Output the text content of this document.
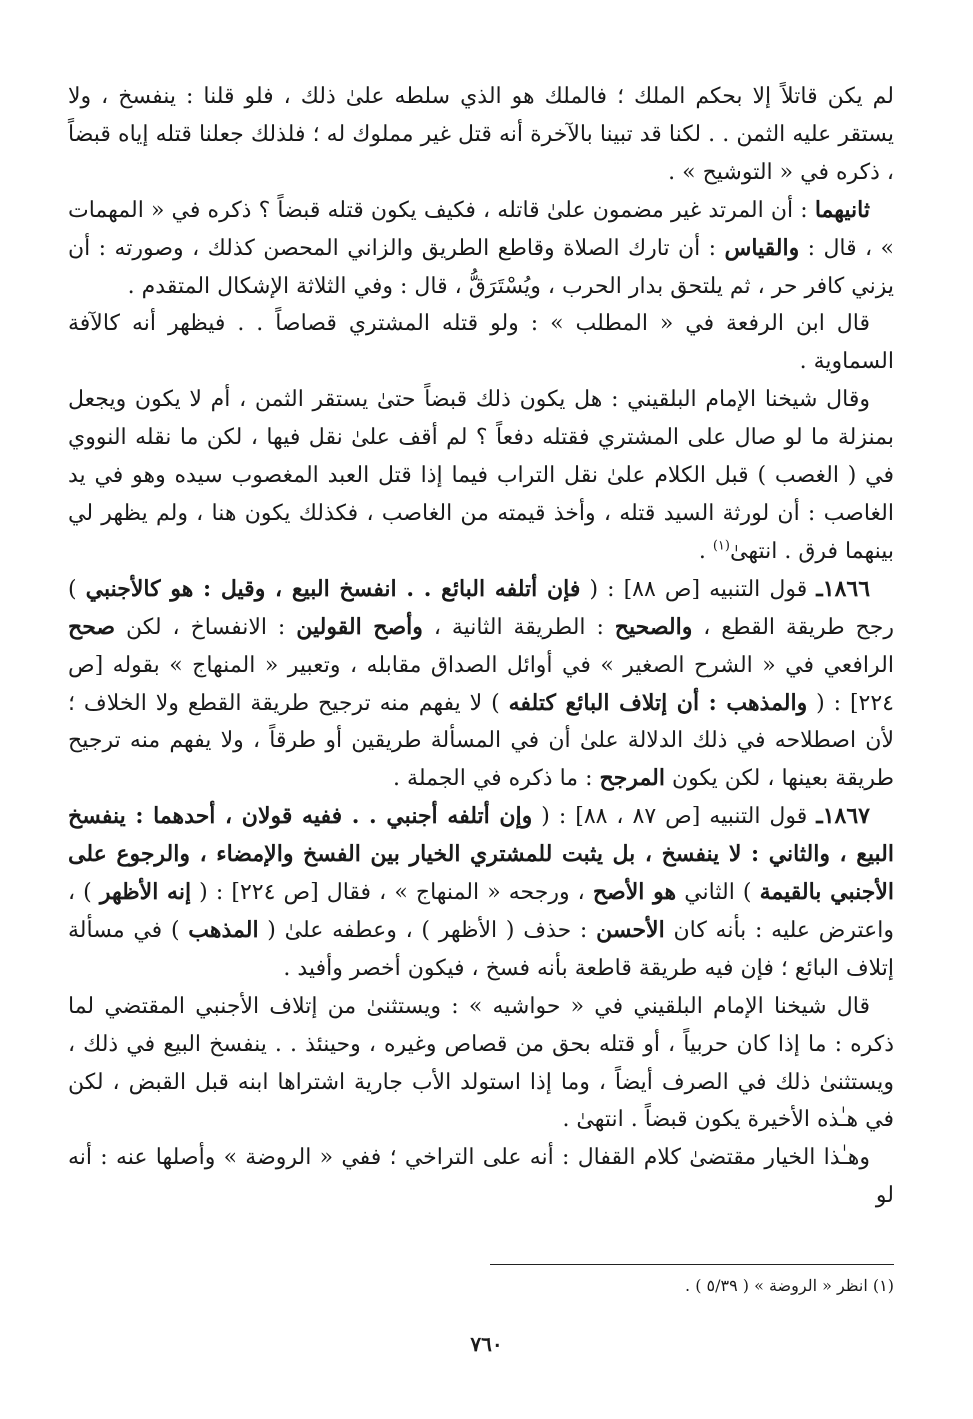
لم يكن قاتلاً إلا بحكم الملك ؛ فالملك هو الذي سلطه علىٰ ذلك ، فلو قلنا : ينفسخ ، ولا يستقر عليه الثمن . . لكنا قد تبينا بالآخرة أنه قتل غير مملوك له ؛ فلذلك جعلنا قتله إياه قبضاً ، ذكره في « التوشيح » .

ثانيهما : أن المرتد غير مضمون علىٰ قاتله ، فكيف يكون قتله قبضاً ؟ ذكره في « المهمات » ، قال : والقياس : أن تارك الصلاة وقاطع الطريق والزاني المحصن كذلك ، وصورته : أن يزني كافر حر ، ثم يلتحق بدار الحرب ، ويُسْتَرَقُّ ، قال : وفي الثلاثة الإشكال المتقدم .

قال ابن الرفعة في « المطلب » : ولو قتله المشتري قصاصاً . . فيظهر أنه كالآفة السماوية .

وقال شيخنا الإمام البلقيني : هل يكون ذلك قبضاً حتىٰ يستقر الثمن ، أم لا يكون ويجعل بمنزلة ما لو صال على المشتري فقتله دفعاً ؟ لم أقف علىٰ نقل فيها ، لكن ما نقله النووي في ( الغصب ) قبل الكلام علىٰ نقل التراب فيما إذا قتل العبد المغصوب سيده وهو في يد الغاصب : أن لورثة السيد قتله ، وأخذ قيمته من الغاصب ، فكذلك يكون هنا ، ولم يظهر لي بينهما فرق . انتهىٰ$^{(١)}$ .

١٨٦٦ـ قول التنبيه [ص ٨٨] : ( فإن أتلفه البائع . . انفسخ البيع ، وقيل : هو كالأجنبي ) رجح طريقة القطع ، والصحيح : الطريقة الثانية ، وأصح القولين : الانفساخ ، لكن صحح الرافعي في « الشرح الصغير » في أوائل الصداق مقابله ، وتعبير « المنهاج » بقوله [ص ٢٢٤] : ( والمذهب : أن إتلاف البائع كتلفه ) لا يفهم منه ترجيح طريقة القطع ولا الخلاف ؛ لأن اصطلاحه في ذلك الدلالة علىٰ أن في المسألة طريقين أو طرقاً ، ولا يفهم منه ترجيح طريقة بعينها ، لكن يكون المرجح : ما ذكره في الجملة .

١٨٦٧ـ قول التنبيه [ص ٨٧ ، ٨٨] : ( وإن أتلفه أجنبي . . ففيه قولان ، أحدهما : ينفسخ البيع ، والثاني : لا ينفسخ ، بل يثبت للمشتري الخيار بين الفسخ والإمضاء ، والرجوع على الأجنبي بالقيمة ) الثاني هو الأصح ، ورجحه « المنهاج » ، فقال [ص ٢٢٤] : ( إنه الأظهر ) ، واعترض عليه : بأنه كان الأحسن : حذف ( الأظهر ) ، وعطفه علىٰ ( المذهب ) في مسألة إتلاف البائع ؛ فإن فيه طريقة قاطعة بأنه فسخ ، فيكون أخصر وأفيد .

قال شيخنا الإمام البلقيني في « حواشيه » : ويستثنىٰ من إتلاف الأجنبي المقتضي لما ذكره : ما إذا كان حربياً ، أو قتله بحق من قصاص وغيره ، وحينئذ . . ينفسخ البيع في ذلك ، ويستثنىٰ ذلك في الصرف أيضاً ، وما إذا استولد الأب جارية اشتراها ابنه قبل القبض ، لكن في هـٰذه الأخيرة يكون قبضاً . انتهىٰ .

وهـٰذا الخيار مقتضىٰ كلام القفال : أنه على التراخي ؛ ففي « الروضة » وأصلها عنه : أنه لو

(١) انظر « الروضة » ( ٥/٣٩ ) .
٧٦٠
